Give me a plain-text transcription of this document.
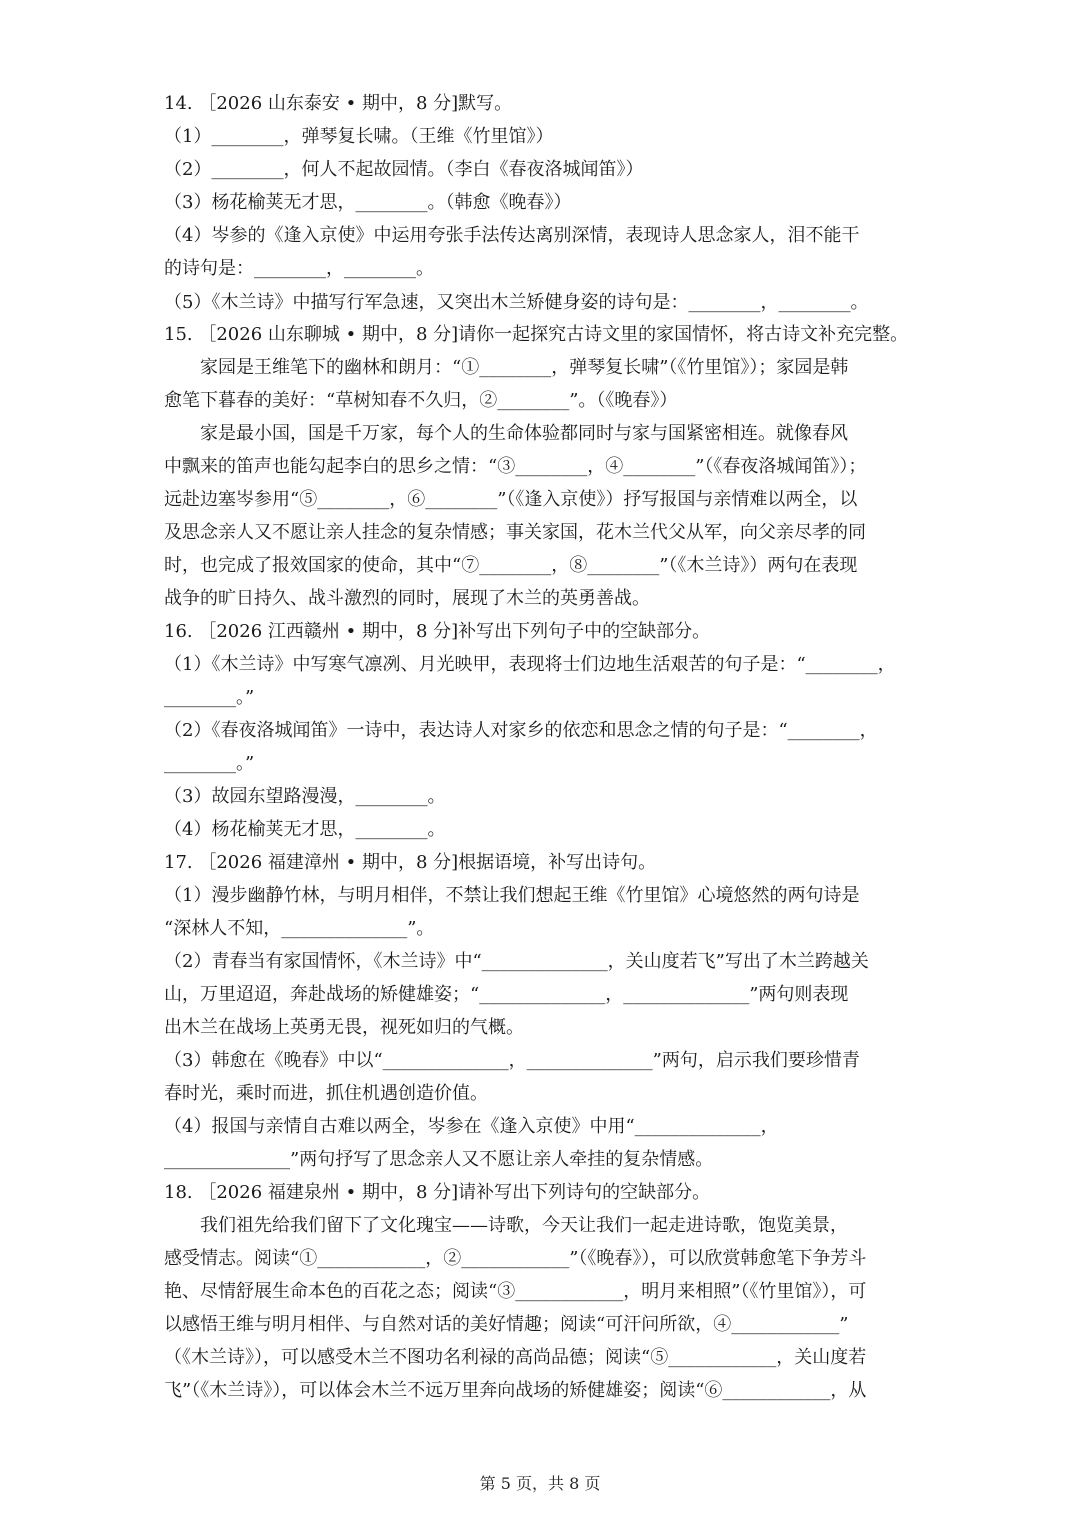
14. ［2026 山东泰安 • 期中，8 分]默写。
（1）________，弹琴复长啸。（王维《竹里馆》）
（2）________，何人不起故园情。（李白《春夜洛城闻笛》）
（3）杨花榆荚无才思，________。（韩愈《晚春》）
（4）岑参的《逢入京使》中运用夸张手法传达离别深情，表现诗人思念家人，泪不能干
的诗句是：________，________。
（5）《木兰诗》中描写行军急速，又突出木兰矫健身姿的诗句是：________，________。
15. ［2026 山东聊城 • 期中，8 分]请你一起探究古诗文里的家国情怀，将古诗文补充完整。
　　家园是王维笔下的幽林和朗月：“①________，弹琴复长啸”（《竹里馆》）；家园是韩
愈笔下暮春的美好：“草树知春不久归，②________”。（《晚春》）
　　家是最小国，国是千万家，每个人的生命体验都同时与家与国紧密相连。就像春风
中飘来的笛声也能勾起李白的思乡之情：“③________，④________”（《春夜洛城闻笛》）；
远赴边塞岑参用“⑤________，⑥________”（《逢入京使》）抒写报国与亲情难以两全，以
及思念亲人又不愿让亲人挂念的复杂情感；事关家国，花木兰代父从军，向父亲尽孝的同
时，也完成了报效国家的使命，其中“⑦________，⑧________”（《木兰诗》）两句在表现
战争的旷日持久、战斗激烈的同时，展现了木兰的英勇善战。
16. ［2026 江西赣州 • 期中，8 分]补写出下列句子中的空缺部分。
（1）《木兰诗》中写寒气凛冽、月光映甲，表现将士们边地生活艰苦的句子是：“________，
________。”
（2）《春夜洛城闻笛》一诗中，表达诗人对家乡的依恋和思念之情的句子是：“________，
________。”
（3）故园东望路漫漫，________。
（4）杨花榆荚无才思，________。
17. ［2026 福建漳州 • 期中，8 分]根据语境，补写出诗句。
（1）漫步幽静竹林，与明月相伴，不禁让我们想起王维《竹里馆》心境悠然的两句诗是
“深林人不知，______________”。
（2）青春当有家国情怀，《木兰诗》中“______________，关山度若飞”写出了木兰跨越关
山，万里迢迢，奔赴战场的矫健雄姿；“______________，______________”两句则表现
出木兰在战场上英勇无畏，视死如归的气概。
（3）韩愈在《晚春》中以“______________，______________”两句，启示我们要珍惜青
春时光，乘时而进，抓住机遇创造价值。
（4）报国与亲情自古难以两全，岑参在《逢入京使》中用“______________，
______________”两句抒写了思念亲人又不愿让亲人牵挂的复杂情感。
18. ［2026 福建泉州 • 期中，8 分]请补写出下列诗句的空缺部分。
　　我们祖先给我们留下了文化瑰宝——诗歌，今天让我们一起走进诗歌，饱览美景，
感受情志。阅读“①____________，②____________”（《晚春》），可以欣赏韩愈笔下争芳斗
艳、尽情舒展生命本色的百花之态；阅读“③____________，明月来相照”（《竹里馆》），可
以感悟王维与明月相伴、与自然对话的美好情趣；阅读“可汗问所欲，④____________”
（《木兰诗》），可以感受木兰不图功名利禄的高尚品德；阅读“⑤____________，关山度若
飞”（《木兰诗》），可以体会木兰不远万里奔向战场的矫健雄姿；阅读“⑥____________，从
第 5 页，共 8 页
